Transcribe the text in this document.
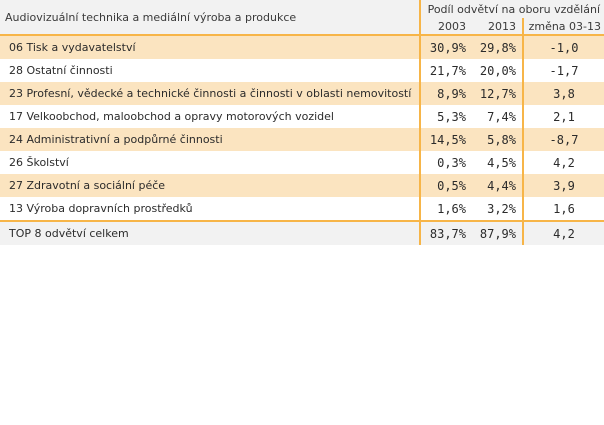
Audiovizuální technika a mediální výroba a produkce	Podíl odvětví na oboru vzdělání		
	2003	2013	změna 03-13
06 Tisk a vydavatelství	30,9%	29,8%	-1,0
28 Ostatní činnosti	21,7%	20,0%	-1,7
23 Profesní, vědecké a technické činnosti a činnosti v oblasti nemovitostí	8,9%	12,7%	3,8
17 Velkoobchod, maloobchod a opravy motorových vozidel	5,3%	7,4%	2,1
24 Administrativní a podpůrné činnosti	14,5%	5,8%	-8,7
26 Školství	0,3%	4,5%	4,2
27 Zdravotní a sociální péče	0,5%	4,4%	3,9
13 Výroba dopravních prostředků	1,6%	3,2%	1,6
TOP 8 odvětví celkem	83,7%	87,9%	4,2
